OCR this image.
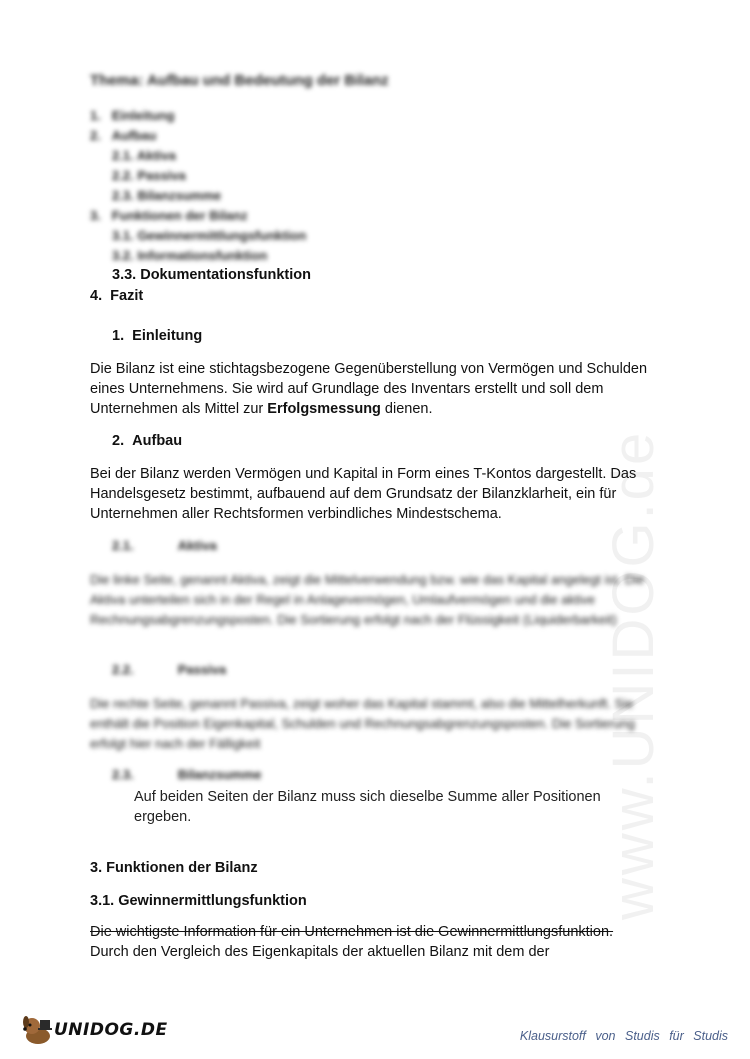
www.UNIDOG.de
Thema: Aufbau und Bedeutung der Bilanz
1. Einleitung
2. Aufbau
2.1. Aktiva
2.2. Passiva
2.3. Bilanzsumme
3. Funktionen der Bilanz
3.1. Gewinnermittlungsfunktion
3.2. Informationsfunktion
3.3. Dokumentationsfunktion
4. Fazit
1. Einleitung
Die Bilanz ist eine stichtagsbezogene Gegenüberstellung von Vermögen und Schulden eines Unternehmens. Sie wird auf Grundlage des Inventars erstellt und soll dem Unternehmen als Mittel zur Erfolgsmessung dienen.
2. Aufbau
Bei der Bilanz werden Vermögen und Kapital in Form eines T-Kontos dargestellt. Das Handelsgesetz bestimmt, aufbauend auf dem Grundsatz der Bilanzklarheit, ein für Unternehmen aller Rechtsformen verbindliches Mindestschema.
2.1.	Aktiva
Die linke Seite, genannt Aktiva, zeigt die Mittelverwendung bzw. wie das Kapital angelegt ist. Die Aktiva unterteilen sich in der Regel in Anlagevermögen, Umlaufvermögen und die aktive Rechnungsabgrenzungsposten. Die Sortierung erfolgt nach der Flüssigkeit (Liquiderbarkeit)
2.2.	Passiva
Die rechte Seite, genannt Passiva, zeigt woher das Kapital stammt, also die Mittelherkunft. Sie enthält die Position Eigenkapital, Schulden und Rechnungsabgrenzungsposten. Die Sortierung erfolgt hier nach der Fälligkeit
2.3.	Bilanzsumme
Auf beiden Seiten der Bilanz muss sich dieselbe Summe aller Positionen ergeben.
3. Funktionen der Bilanz
3.1. Gewinnermittlungsfunktion
Die wichtigste Information für ein Unternehmen ist die Gewinnermittlungsfunktion.
Durch den Vergleich des Eigenkapitals der aktuellen Bilanz mit dem der
UNIDOG.DE	Klausurstoff von Studis für Studis
